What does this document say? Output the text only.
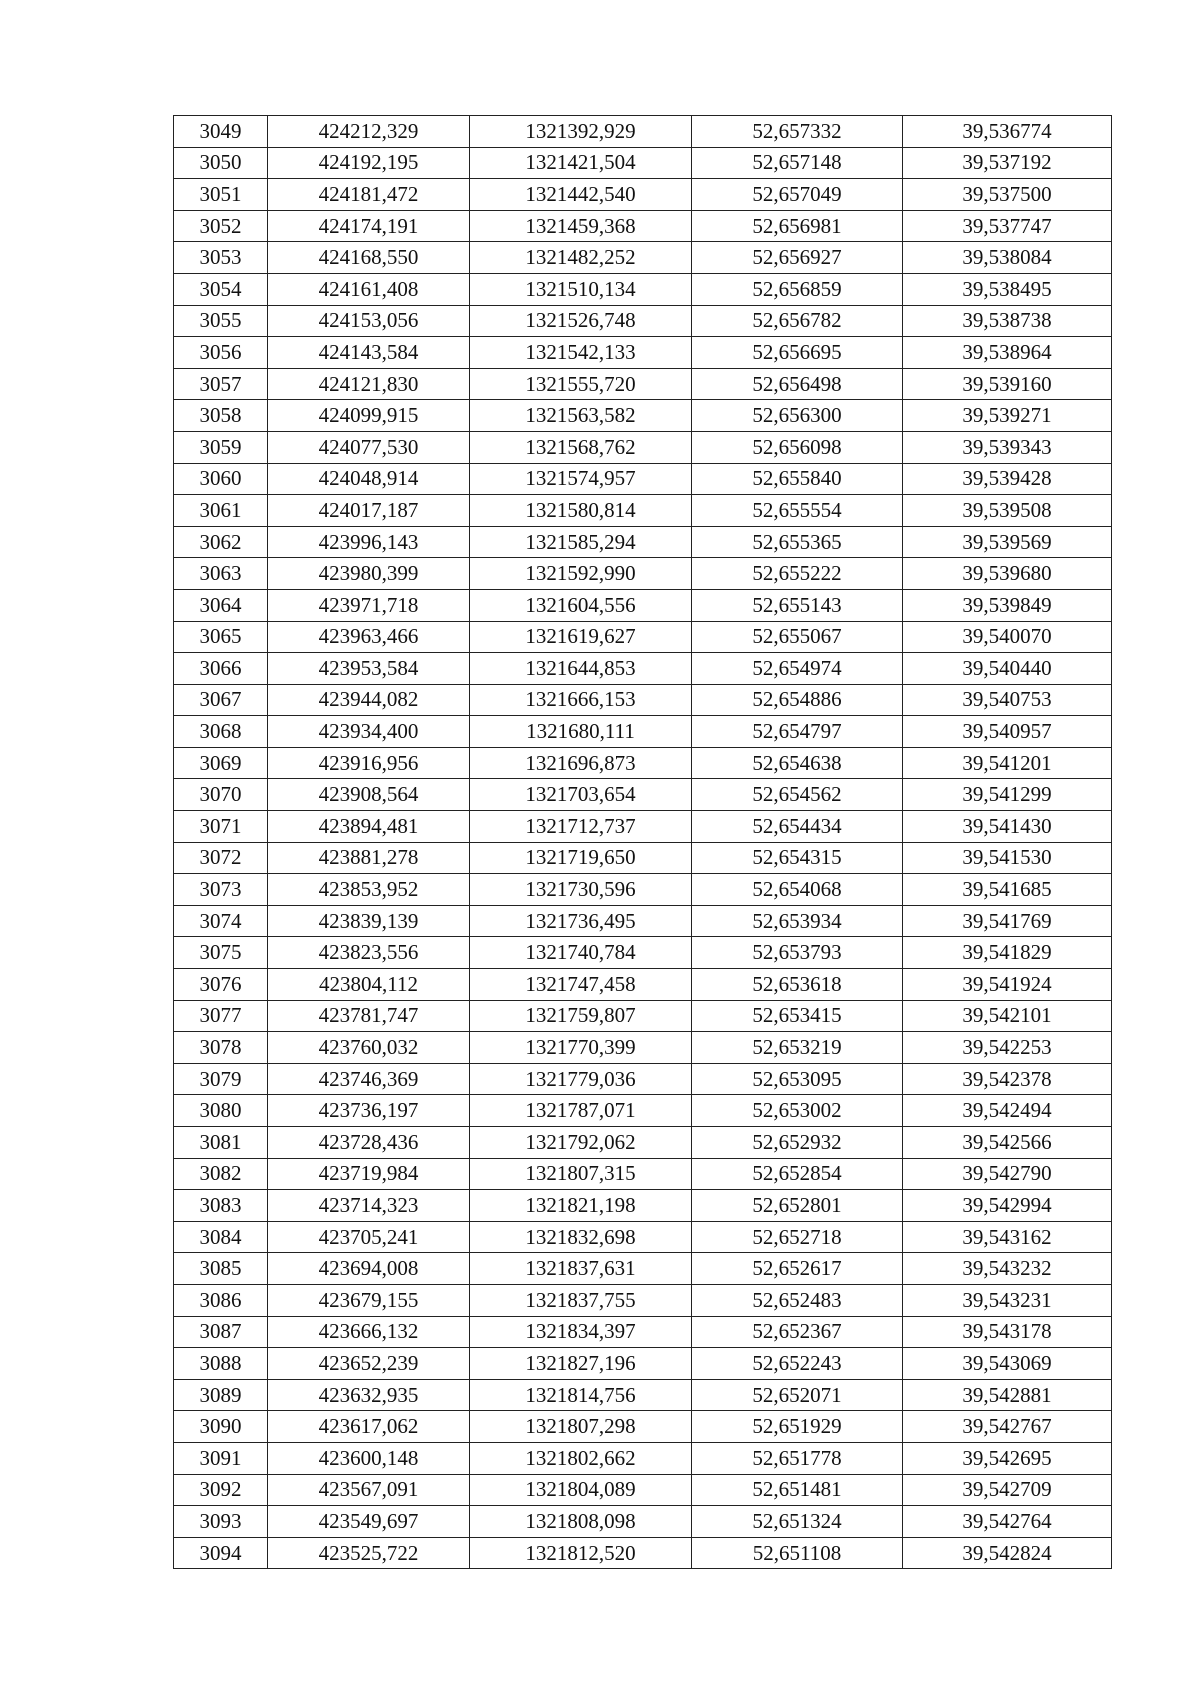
3049	424212,329	1321392,929	52,657332	39,536774
3050	424192,195	1321421,504	52,657148	39,537192
3051	424181,472	1321442,540	52,657049	39,537500
3052	424174,191	1321459,368	52,656981	39,537747
3053	424168,550	1321482,252	52,656927	39,538084
3054	424161,408	1321510,134	52,656859	39,538495
3055	424153,056	1321526,748	52,656782	39,538738
3056	424143,584	1321542,133	52,656695	39,538964
3057	424121,830	1321555,720	52,656498	39,539160
3058	424099,915	1321563,582	52,656300	39,539271
3059	424077,530	1321568,762	52,656098	39,539343
3060	424048,914	1321574,957	52,655840	39,539428
3061	424017,187	1321580,814	52,655554	39,539508
3062	423996,143	1321585,294	52,655365	39,539569
3063	423980,399	1321592,990	52,655222	39,539680
3064	423971,718	1321604,556	52,655143	39,539849
3065	423963,466	1321619,627	52,655067	39,540070
3066	423953,584	1321644,853	52,654974	39,540440
3067	423944,082	1321666,153	52,654886	39,540753
3068	423934,400	1321680,111	52,654797	39,540957
3069	423916,956	1321696,873	52,654638	39,541201
3070	423908,564	1321703,654	52,654562	39,541299
3071	423894,481	1321712,737	52,654434	39,541430
3072	423881,278	1321719,650	52,654315	39,541530
3073	423853,952	1321730,596	52,654068	39,541685
3074	423839,139	1321736,495	52,653934	39,541769
3075	423823,556	1321740,784	52,653793	39,541829
3076	423804,112	1321747,458	52,653618	39,541924
3077	423781,747	1321759,807	52,653415	39,542101
3078	423760,032	1321770,399	52,653219	39,542253
3079	423746,369	1321779,036	52,653095	39,542378
3080	423736,197	1321787,071	52,653002	39,542494
3081	423728,436	1321792,062	52,652932	39,542566
3082	423719,984	1321807,315	52,652854	39,542790
3083	423714,323	1321821,198	52,652801	39,542994
3084	423705,241	1321832,698	52,652718	39,543162
3085	423694,008	1321837,631	52,652617	39,543232
3086	423679,155	1321837,755	52,652483	39,543231
3087	423666,132	1321834,397	52,652367	39,543178
3088	423652,239	1321827,196	52,652243	39,543069
3089	423632,935	1321814,756	52,652071	39,542881
3090	423617,062	1321807,298	52,651929	39,542767
3091	423600,148	1321802,662	52,651778	39,542695
3092	423567,091	1321804,089	52,651481	39,542709
3093	423549,697	1321808,098	52,651324	39,542764
3094	423525,722	1321812,520	52,651108	39,542824
